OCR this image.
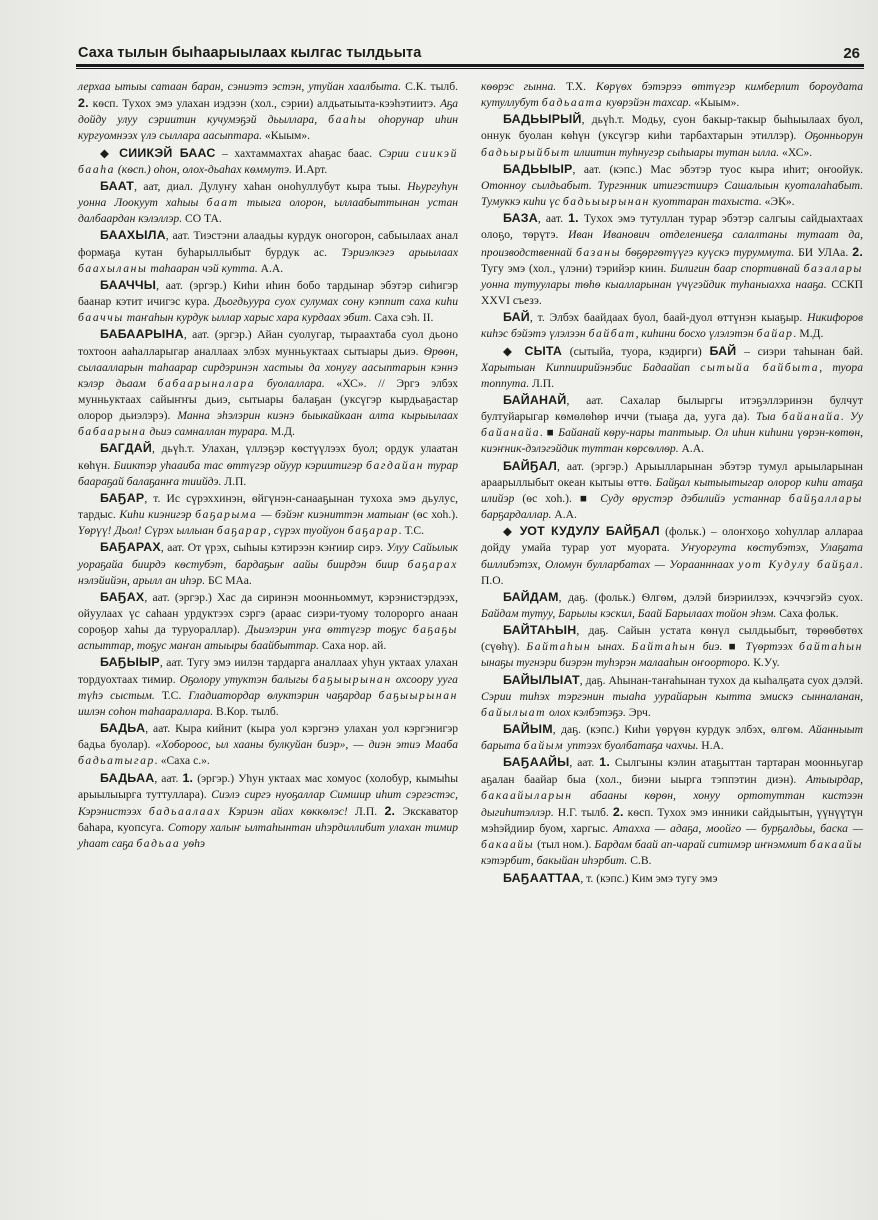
Саха тылын быһаарыылаах кылгас тылдьыта	26

лерхаа ытыы сатаан баран, сэниэтэ эстэн, утуйан хаалбыта. С.К. тылб. 2. кѳсп. Тухох эмэ улахан иэдээн (хол., сэрии) алдьатыыта-кээһэтиитэ. Аҕа дойду улуу сэриитин кучумэҕэй дьыллара, бааһы оһорунар иһин кургуомнээх үлэ сыллара аасыптара. «Кыым».

◆ СИИКЭЙ БААС – хахтаммахтах аһаҕас баас. Сэрии сиикэй бааһа (кѳсп.) оһон, олох-дьаһах кѳммутэ. И.Арт.

БААТ, аат, диал. Дулуҥу хаһан оноһуллубут кыра тыы. Ньургуһун уонна Лоокуут хаһыы баат тыыга олорон, ыллаабыттынан устан далбаардан кэлэллэр. СО ТА.

БААХЫЛА, аат. Тиэстэни алаадьы курдук оногорон, сабыылаах анал формаҕа кутан буһарыллыбыт бурдук ас. Тэриэлкэгэ арыылаах баахыланы таһааран чэй кутта. А.А.

БААЧЧЫ, аат. (эргэр.) Киһи иһин бобо тардынар эбэтэр сиһигэр баанар кэтит ичигэс кура. Дьогдьуура суох сулумах сону кэппит саха киһи бааччы таҥаһын курдук ыллар харыс хара курдаах эбит. Саха сэһ. II.

БАБААРЫНА, аат. (эргэр.) Айан суолугар, тыраахтаба суол дьоно тохтоон ааһалларыгар аналлаах элбэх мунньуктаах сытыары дьиэ. Ѳрѳѳн, сылаалларын таһаарар сирдэринэн хастыы да хонуғу аасыптарын кэннэ кэлэр дьаам бабаарыналара буолаллара. «ХС». // Эргэ элбэх мунньуктаах сайыҥҥы дьиэ, сытыары балаҕан (уксүгэр кырдьаҕастар олорор дьиэлэрэ). Манна эһэлэрин киэнэ быыкайкаан алта кырыылаах бабаарына дьиэ самналлан турара. М.Д.

БАГДАЙ, дьүһ.т. Улахан, үллэҕэр кѳстүүлээх буол; ордук улаатан кѳһүн. Бииктэр уһааиба тас ѳттүгэр ойуур кэриитигэр багдайан турар баараҕай балаҕанҥа тиийдэ. Л.П.

БАҔАР, т. Ис сүрэххинэн, ѳйгүнэн-санааҕынан тухоха эмэ дьулус, тардыс. Киһи киэнигэр баҕарыма — бэйэҥ киэниттэн матыаҥ (ѳс хоһ.). Үѳрүү! Дьол! Сүрэх ыллыан баҕарар, сүрэх туойуон баҕарар. Т.С.

БАҔАРАХ, аат. От үрэх, сыһыы кэтирээн кэҥиир сирэ. Улуу Сайылык уораҕайа биирдэ кѳстубэт, бардаҕыҥ аайы биирдэн биир баҕарах нэлэйийэн, арылл ан иһэр. БС МАа.

БАҔАХ, аат. (эргэр.) Хас да сиринэн моонньоммут, кэрэнистэрдээх, ойуулаах үс саһаан урдуктээх сэргэ (араас сиэри-туому толорорго анаан сороҕор хаһы да туруораллар). Дьиэлэрин уҥа ѳттүгэр тоҕус баҕаҕы аспыттар, тоҕус маҥан атыыры баайбыттар. Саха нор. ай.

БАҔЫЫР, аат. Тугу эмэ иилэн тардарга аналлаах уһун уктаах улахан тордуохтаах тимир. Оҕолору утуктэн балыгы баҕыырынан охсоору ууга түһэ сыстым. Т.С. Гладиатордар ѳлуктэрин чаҕардар баҕыырынан иилэн соһон таһаараллара. В.Кор. тылб.

БАДЬА, аат. Кыра кийнит (кыра уол кэргэнэ улахан уол кэргэнигэр бадьа буолар). «Хобороос, ыл хааны булкуйан биэр», — диэн этиэ Мааба бадьатыгар. «Саха с.».

БАДЬАА, аат. 1. (эргэр.) Уһун уктаах мас хомуос (холобур, кымыһы арыылыырга туттуллара). Сиэлэ сиргэ нуоҕаллар Симшир иһит сэргэстэс, Кэрэнистээх бадьаалаах Кэриэн айах кѳккѳлэс! Л.П. 2. Экскаватор баһара, куопсуга. Сотору халыҥ ылтаһынтан иһэрдиллибит улахан тимир уһаат саҕа бадьаа уѳһэ

кѳѳрэс гынна. Т.Х. Кѳрүѳх бэтэрээ ѳттүгэр кимберлит бороудата кутуллубут бадьаата куѳрэйэн тахсар. «Кыым».

БАДЬЫРЫЙ, дьүһ.т. Модьу, суон бакыр-такыр быһыылаах буол, оннук буолан кѳһүн (уксүгэр киһи тарбахтарын этиллэр). Оҕонньорун бадьырыйбыт илиитин туһнугэр сыһыары тутан ылла. «ХС».

БАДЬЫЫР, аат. (кэпс.) Мас эбэтэр туос кыра иһит; оҥоойук. Отонноу сылдьабыт. Тургэнник итигэстиирэ Сашалыын куоталаһабыт. Тумуккэ киһи үс бадьыырынан куоттаран тахыста. «ЭК».

БАЗА, аат. 1. Тухох эмэ тутуллан турар эбэтэр салгыы сайдыахтаах олоҕо, тѳрүтэ. Иван Иванович отделениеҕа салалтаны тутаат да, производственнай базаны бѳҕѳргѳтүүгэ куүскэ туруммута. БИ УЛАа. 2. Тугу эмэ (хол., үлэни) тэрийэр киин. Билигин баар спортивнай базалары уонна тутуулары тѳһѳ кыалларынан үчүгэйдик туһаныахха нааҕа. ССКП XXVI съезэ.

БАЙ, т. Элбэх баайдаах буол, баай-дуол ѳттүнэн кыаҕыр. Никифоров киһэс бэйэтэ үлэлээн байбат, киһини босхо үлэлэтэн байар. М.Д.

◆ СЫТА (сытыйа, туора, кэдирги) БАЙ – сиэри таһынан бай. Харытыан Киппиирийэнэбис Бадаайап сытыйа байбыта, туора топпута. Л.П.

БАЙАНАЙ, аат. Сахалар былыргы итэҕэллэринэн булчут бултуйарыгар кѳмѳлѳһѳр иччи (тыаҕа да, ууга да). Тыа байанайа. Уу байанайа. ■ Байанай кѳру-нары таптыыр. Ол иһин киһини үѳрэн-кѳтѳн, киэҥник-дэлэгэйдик туттан кѳрсѳллѳр. А.А.

БАЙҔАЛ, аат. (эргэр.) Арыылларынан эбэтэр тумул арыыларынан араарыллыбыт океан кытыы ѳттѳ. Байҕал кытыытыгар олорор киһи атаҕа илийэр (ѳс хоһ.). ■ Суду ѳрустэр дэбилийэ устаннар байҕаллары барҕардаллар. А.А.

◆ УОТ КУДУЛУ БАЙҔАЛ (фольк.) – олоҥхоҕо хоһуллар аллараа дойду умайа турар уот муората. Уҥуоргута кѳстубэтэх, Улаҕата биллибэтэх, Оломун булларбатах — Уораанннаах уот Кудулу байҕал. П.О.

БАЙДАМ, даҕ. (фольк.) Ѳлгѳм, дэлэй биэриилээх, кэччэгэйэ суох. Байдам тутуу, Барылы кэскил, Баай Барылаах тойон эһэм. Саха фольк.

БАЙТАҺЫН, даҕ. Сайын устата кѳнүл сылдьыбыт, тѳрѳѳбѳтѳх (сүѳһү). Байтаһын ынах. Байтаһын биэ. ■ Түѳртээх байтаһын ынаҕы тугнэри биэрэн туһэрэн малааһын оҥоорторо. К.Уу.

БАЙЫЛЫАТ, даҕ. Аһынан-таҥаһынан тухох да кыһалҕата суох дэлэй. Сэрии тиһэх тэргэнин тыаһа уурайарын кытта эмискэ сынналанан, байылыат олох кэлбэтэҕэ. Эрч.

БАЙЫМ, даҕ. (кэпс.) Киһи үѳрүѳн курдук элбэх, ѳлгѳм. Айанныыт барыта байым уптээх буолбатаҕа чахчы. Н.А.

БАҔААЙЫ, аат. 1. Сылгыны кэлин атаҕыттан тартаран моонньугар аҕалан баайар быа (хол., биэни ыырга тэппэтин диэн). Атыырдар, бакаайыларын абааны кѳрѳн, хонуу ортотуттан кистээн дыгиһитэллэр. Н.Г. тылб. 2. кѳсп. Тухох эмэ инники сайдыытын, үүнүүтүн мэһэйдиир буом, харгыс. Атахха — адаҕа, моойго — бурҕалдьы, баска — бакаайы (тыл ном.). Бардам баай ап-чарай ситимэр иҥнэммит бакаайы кэтэрбит, бакыйан иһэрбит. С.В.

БАҔААТТАА, т. (кэпс.) Ким эмэ тугу эмэ
